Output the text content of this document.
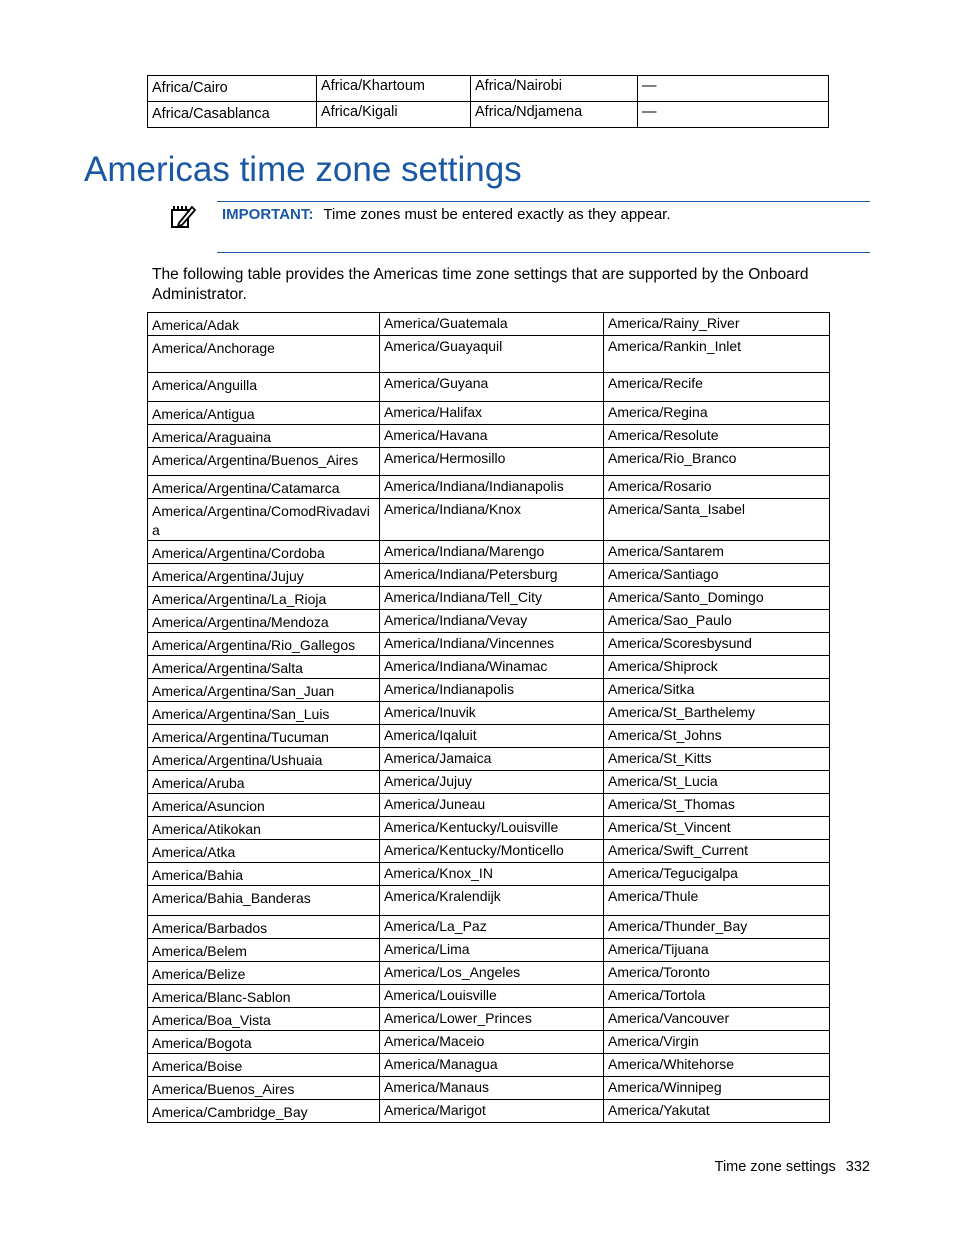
Africa/Cairo	Africa/Khartoum	Africa/Nairobi	—
Africa/Casablanca	Africa/Kigali	Africa/Ndjamena	—
Americas time zone settings
IMPORTANT: Time zones must be entered exactly as they appear.

The following table provides the Americas time zone settings that are supported by the Onboard Administrator.

America/Adak	America/Guatemala	America/Rainy_River
America/Anchorage	America/Guayaquil	America/Rankin_Inlet
America/Anguilla	America/Guyana	America/Recife
America/Antigua	America/Halifax	America/Regina
America/Araguaina	America/Havana	America/Resolute
America/Argentina/Buenos_Aires	America/Hermosillo	America/Rio_Branco
America/Argentina/Catamarca	America/Indiana/Indianapolis	America/Rosario
America/Argentina/ComodRivadavia	America/Indiana/Knox	America/Santa_Isabel
America/Argentina/Cordoba	America/Indiana/Marengo	America/Santarem
America/Argentina/Jujuy	America/Indiana/Petersburg	America/Santiago
America/Argentina/La_Rioja	America/Indiana/Tell_City	America/Santo_Domingo
America/Argentina/Mendoza	America/Indiana/Vevay	America/Sao_Paulo
America/Argentina/Rio_Gallegos	America/Indiana/Vincennes	America/Scoresbysund
America/Argentina/Salta	America/Indiana/Winamac	America/Shiprock
America/Argentina/San_Juan	America/Indianapolis	America/Sitka
America/Argentina/San_Luis	America/Inuvik	America/St_Barthelemy
America/Argentina/Tucuman	America/Iqaluit	America/St_Johns
America/Argentina/Ushuaia	America/Jamaica	America/St_Kitts
America/Aruba	America/Jujuy	America/St_Lucia
America/Asuncion	America/Juneau	America/St_Thomas
America/Atikokan	America/Kentucky/Louisville	America/St_Vincent
America/Atka	America/Kentucky/Monticello	America/Swift_Current
America/Bahia	America/Knox_IN	America/Tegucigalpa
America/Bahia_Banderas	America/Kralendijk	America/Thule
America/Barbados	America/La_Paz	America/Thunder_Bay
America/Belem	America/Lima	America/Tijuana
America/Belize	America/Los_Angeles	America/Toronto
America/Blanc-Sablon	America/Louisville	America/Tortola
America/Boa_Vista	America/Lower_Princes	America/Vancouver
America/Bogota	America/Maceio	America/Virgin
America/Boise	America/Managua	America/Whitehorse
America/Buenos_Aires	America/Manaus	America/Winnipeg
America/Cambridge_Bay	America/Marigot	America/Yakutat
Time zone settings 332
